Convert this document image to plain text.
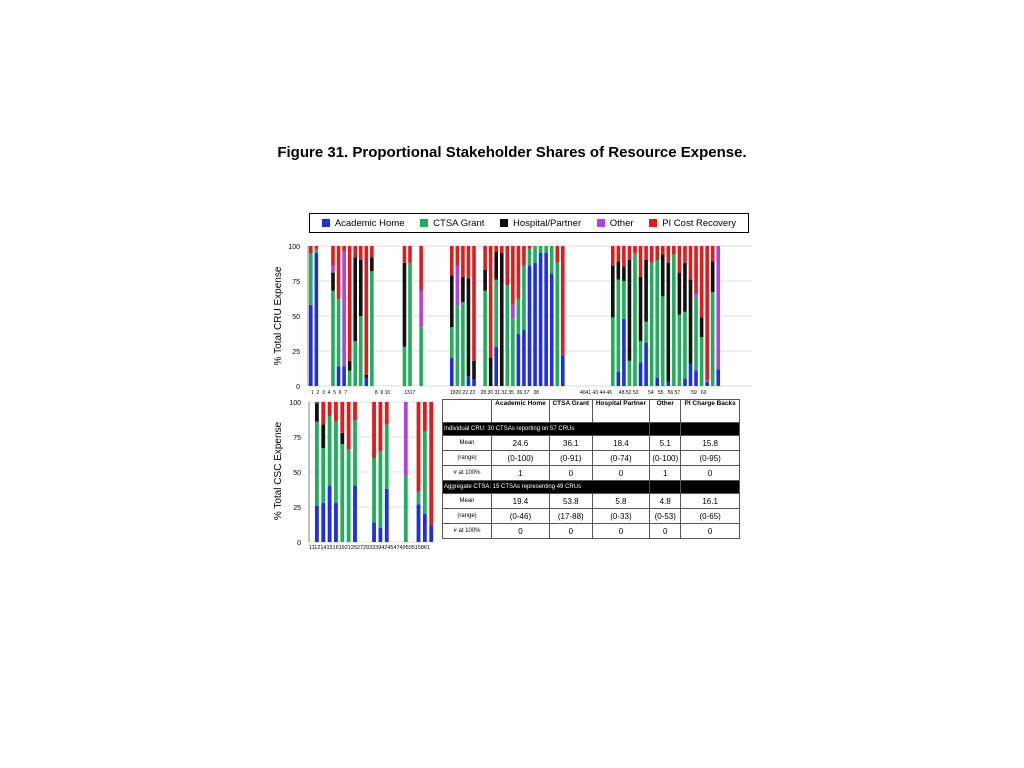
Figure 31. Proportional Stakeholder Shares of Resource Expense.
Academic Home	CTSA Grant	Hospital/Partner	Other	PI Cost Recovery
0
25
50
75
100
% Total CRU Expense
1  2  3  4  5  6  7                    8  9 10          1317	1920 22 23    28 30 31 32 35  36 37   38	4041 43 44 46     48 52 53       54   55   56 57        59   60
0
25
50
75
100
% Total CSC Expense
1112141516192125272933394245474950515861
	Academic Home	CTSA Grant	Hospital Partner	Other	PI Charge Backs
Individual CRU: 30 CTSAs reporting on 57 CRUs					
Mean	24.6	36.1	18.4	5.1	15.8
(range)	(0-100)	(0-91)	(0-74)	(0-100)	(0-95)
# at 100%	1	0	0	1	0
Aggregate CTSA: 15 CTSAs representing 49 CRUs					
Mean	19.4	53.8	5.8	4.8	16.1
(range)	(0-46)	(17-88)	(0-33)	(0-53)	(0-65)
# at 100%	0	0	0	0	0
